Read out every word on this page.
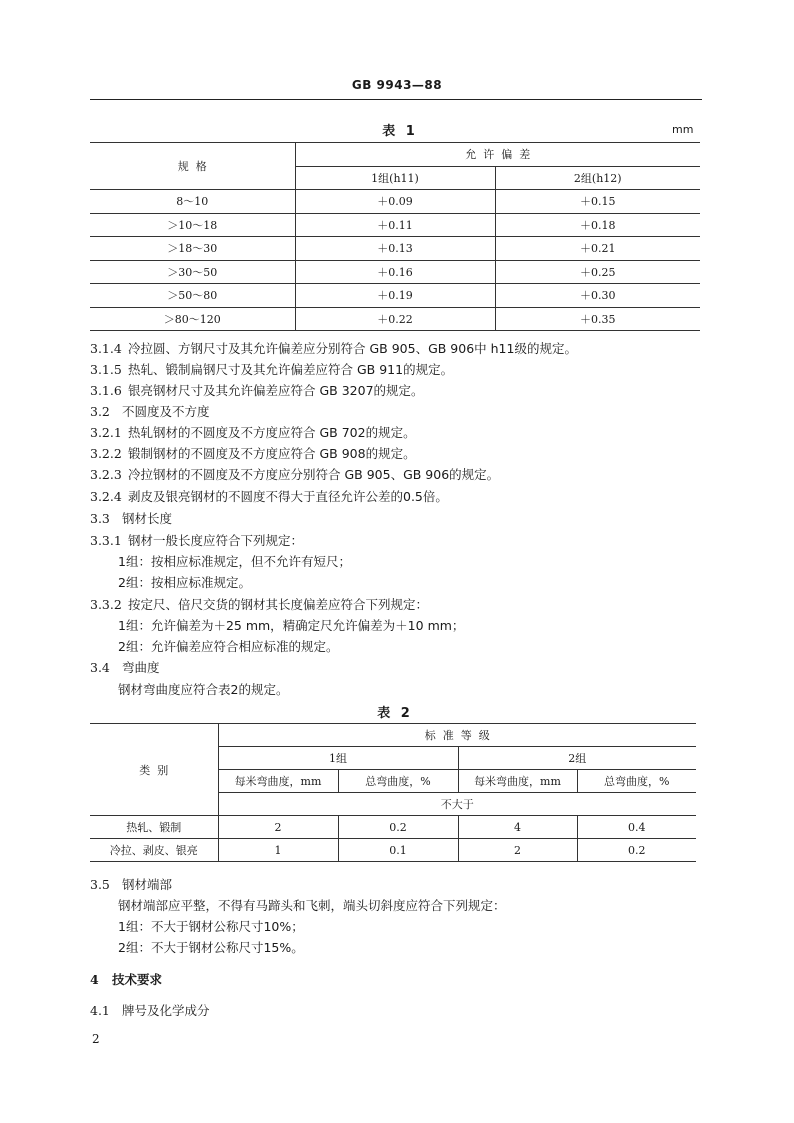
GB 9943—88
表 1	mm
规  格	允  许  偏  差	
	1组(h11)	2组(h12)
8～10	＋0.09	＋0.15
＞10～18	＋0.11	＋0.18
＞18～30	＋0.13	＋0.21
＞30～50	＋0.16	＋0.25
＞50～80	＋0.19	＋0.30
＞80～120	＋0.22	＋0.35
3.1.4 冷拉圆、方钢尺寸及其允许偏差应分别符合 GB 905、GB 906中 h11级的规定。
3.1.5 热轧、锻制扁钢尺寸及其允许偏差应符合 GB 911的规定。
3.1.6 银亮钢材尺寸及其允许偏差应符合 GB 3207的规定。
3.2 不圆度及不方度
3.2.1 热轧钢材的不圆度及不方度应符合 GB 702的规定。
3.2.2 锻制钢材的不圆度及不方度应符合 GB 908的规定。
3.2.3 冷拉钢材的不圆度及不方度应分别符合 GB 905、GB 906的规定。
3.2.4 剥皮及银亮钢材的不圆度不得大于直径允许公差的0.5倍。
3.3 钢材长度
3.3.1 钢材一般长度应符合下列规定：
1组：按相应标准规定，但不允许有短尺；
2组：按相应标准规定。
3.3.2 按定尺、倍尺交货的钢材其长度偏差应符合下列规定：
1组：允许偏差为＋25 mm，精确定尺允许偏差为＋10 mm；
2组：允许偏差应符合相应标准的规定。
3.4 弯曲度
钢材弯曲度应符合表2的规定。
表 2
类  别	标  准  等  级			
	1组		2组	
	每米弯曲度，mm	总弯曲度，%	每米弯曲度，mm	总弯曲度，%
	不大于			
热轧、锻制	2	0.2	4	0.4
冷拉、剥皮、银亮	1	0.1	2	0.2
3.5 钢材端部
钢材端部应平整，不得有马蹄头和飞刺，端头切斜度应符合下列规定：
1组：不大于钢材公称尺寸10%；
2组：不大于钢材公称尺寸15%。
4 技术要求
4.1 牌号及化学成分
2
